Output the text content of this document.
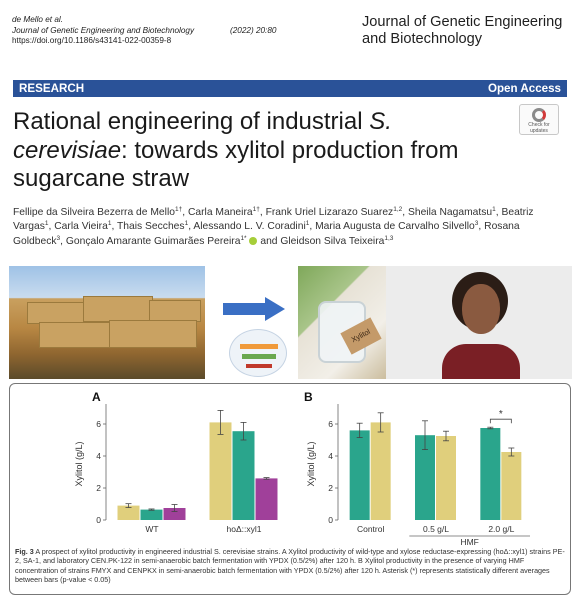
de Mello et al.
Journal of Genetic Engineering and Biotechnology
https://doi.org/10.1186/s43141-022-00359-8
(2022) 20:80
Journal of Genetic Engineering and Biotechnology
RESEARCH	Open Access
Check for
updates
Rational engineering of industrial S. cerevisiae: towards xylitol production from sugarcane straw
Fellipe da Silveira Bezerra de Mello$^{1\dagger}$, Carla Maneira$^{1\dagger}$, Frank Uriel Lizarazo Suarez$^{1,2}$, Sheila Nagamatsu$^1$, Beatriz Vargas$^1$, Carla Vieira$^1$, Thais Secches$^1$, Alessando L. V. Coradini$^1$, Maria Augusta de Carvalho Silvello$^3$, Rosana Goldbeck$^3$, Gonçalo Amarante Guimarães Pereira$^{1*}$ and Gleidson Silva Teixeira$^{1,3}$
Xylitol
A	B
0
2
4
6
Xylitol (g/L)
WT	hoΔ::xyl1
0
2
4
6
Xylitol (g/L)
Control	0.5 g/L	2.0 g/L
*
HMF
Fig. 3 A prospect of xylitol productivity in engineered industrial S. cerevisiae strains. A Xylitol productivity of wild-type and xylose reductase-expressing (hoΔ::xyl1) strains PE-2, SA-1, and laboratory CEN.PK-122 in semi-anaerobic batch fermentation with YPDX (0.5/2%) after 120 h. B Xylitol productivity in the presence of varying HMF concentration of strains FMYX and CENPKX in semi-anaerobic batch fermentation with YPDX (0.5/2%) after 120 h. Asterisk (*) represents statistically different averages between bars (p-value < 0.05)
